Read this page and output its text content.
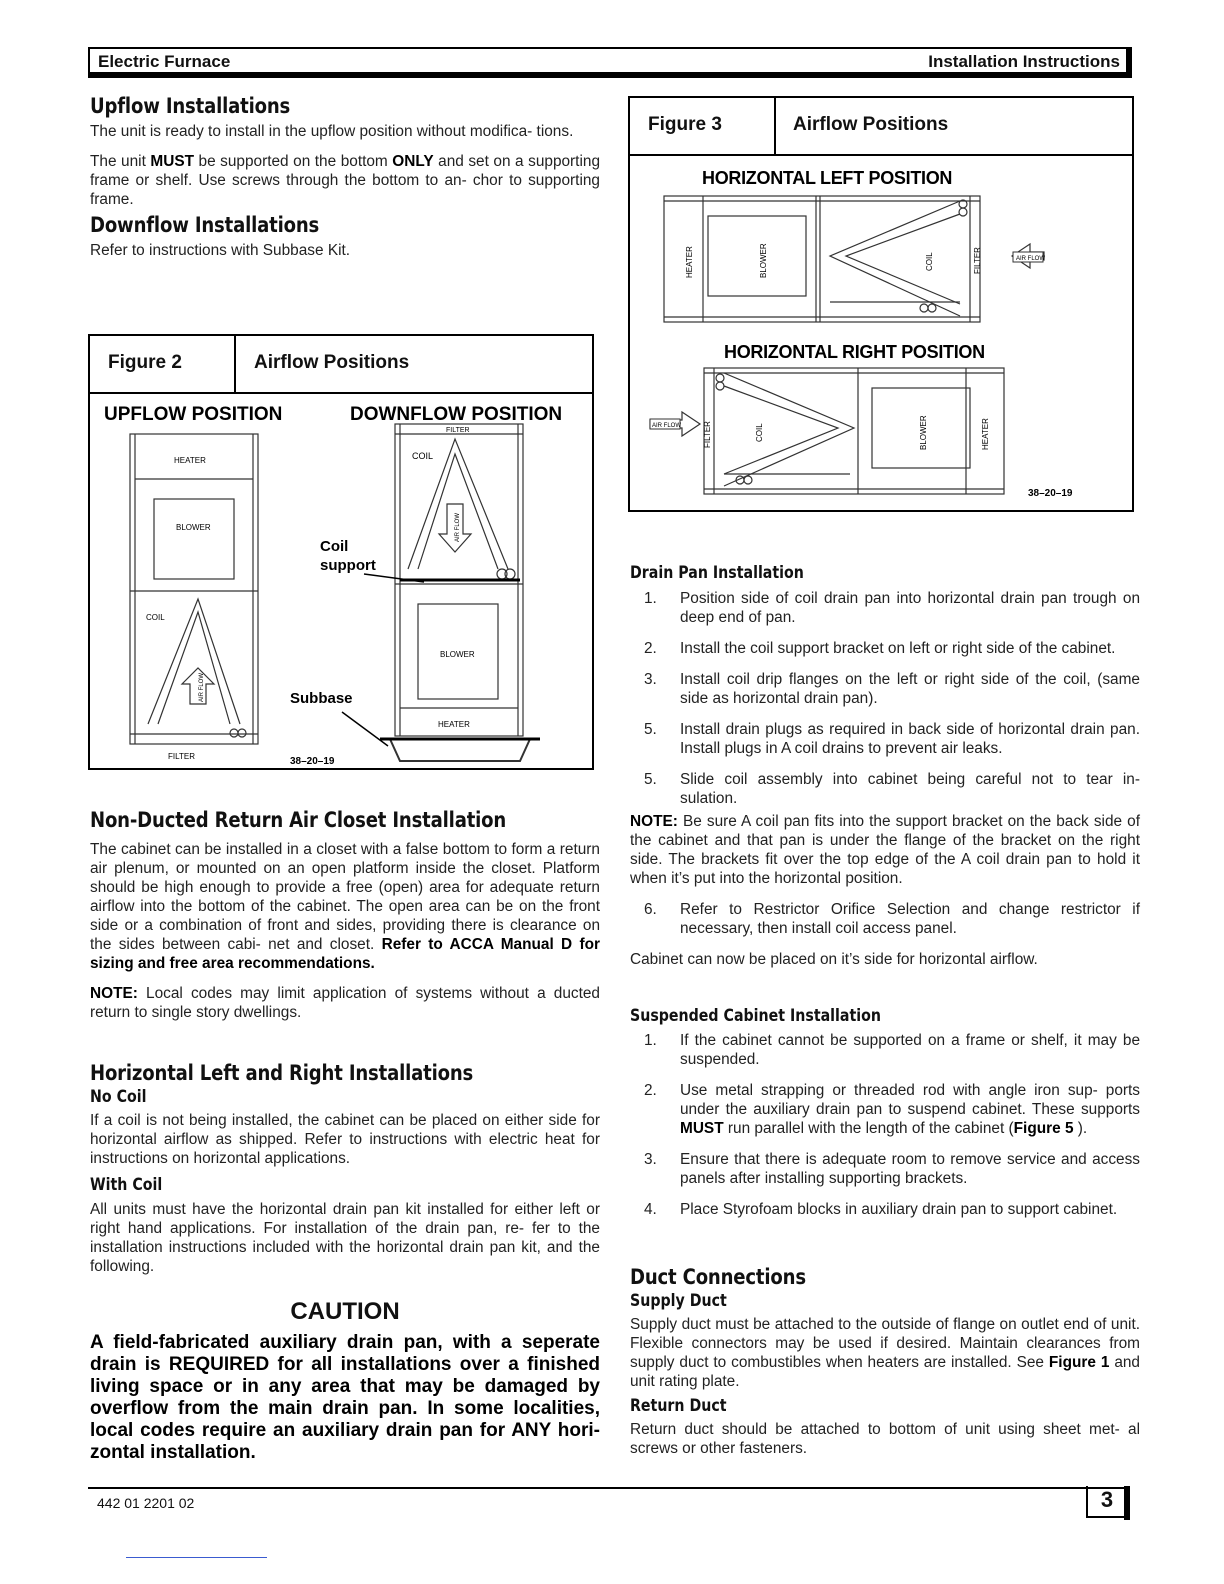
Electric Furnace	Installation Instructions
Upflow Installations

The unit is ready to install in the upflow position without modifica- tions.

The unit MUST be supported on the bottom ONLY and set on a supporting frame or shelf. Use screws through the bottom to an- chor to supporting frame.

Downflow Installations

Refer to instructions with Subbase Kit.

Figure 2	Airflow Positions
UPFLOW POSITION	DOWNFLOW POSITION
HEATER
BLOWER
COIL
FILTER
AIR FLOW
FILTER
COIL
BLOWER
HEATER
AIR FLOW
Coil
support
Subbase
38–20–19
Non-Ducted Return Air Closet Installation

The cabinet can be installed in a closet with a false bottom to form a return air plenum, or mounted on an open platform inside the closet. Platform should be high enough to provide a free (open) area for adequate return airflow into the bottom of the cabinet. The open area can be on the front side or a combination of front and sides, providing there is clearance on the sides between cabi- net and closet. Refer to ACCA Manual D for sizing and free area recommendations.

NOTE: Local codes may limit application of systems without a ducted return to single story dwellings.

Horizontal Left and Right Installations
No Coil

If a coil is not being installed, the cabinet can be placed on either side for horizontal airflow as shipped. Refer to instructions with electric heat for instructions on horizontal applications.

With Coil

All units must have the horizontal drain pan kit installed for either left or right hand applications. For installation of the drain pan, re- fer to the installation instructions included with the horizontal drain pan kit, and the following.

CAUTION
A field-fabricated auxiliary drain pan, with a seperate drain is REQUIRED for all installations over a finished living space or in any area that may be damaged by overflow from the main drain pan. In some localities, local codes require an auxiliary drain pan for ANY hori- zontal installation.
Figure 3	Airflow Positions
HORIZONTAL LEFT POSITION
AIR FLOW
HEATER	BLOWER	COIL	FILTER
HORIZONTAL RIGHT POSITION
AIR FLOW	FILTER	COIL	BLOWER	HEATER
38–20–19
Drain Pan Installation
1. Position side of coil drain pan into horizontal drain pan trough on deep end of pan.
2. Install the coil support bracket on left or right side of the cabinet.
3. Install coil drip flanges on the left or right side of the coil, (same side as horizontal drain pan).
5. Install drain plugs as required in back side of horizontal drain pan. Install plugs in A coil drains to prevent air leaks.
5. Slide coil assembly into cabinet being careful not to tear in- sulation.

NOTE: Be sure A coil pan fits into the support bracket on the back side of the cabinet and that pan is under the flange of the bracket on the right side. The brackets fit over the top edge of the A coil drain pan to hold it when it’s put into the horizontal position.

6. Refer to Restrictor Orifice Selection and change restrictor if necessary, then install coil access panel.

Cabinet can now be placed on it’s side for horizontal airflow.

Suspended Cabinet Installation
1. If the cabinet cannot be supported on a frame or shelf, it may be suspended.
2. Use metal strapping or threaded rod with angle iron sup- ports under the auxiliary drain pan to suspend cabinet. These supports MUST run parallel with the length of the cabinet (Figure 5 ).
3. Ensure that there is adequate room to remove service and access panels after installing supporting brackets.
4. Place Styrofoam blocks in auxiliary drain pan to support cabinet.
Duct Connections
Supply Duct

Supply duct must be attached to the outside of flange on outlet end of unit. Flexible connectors may be used if desired. Maintain clearances from supply duct to combustibles when heaters are installed. See Figure 1 and unit rating plate.

Return Duct

Return duct should be attached to bottom of unit using sheet met- al screws or other fasteners.

442 01 2201 02	3
